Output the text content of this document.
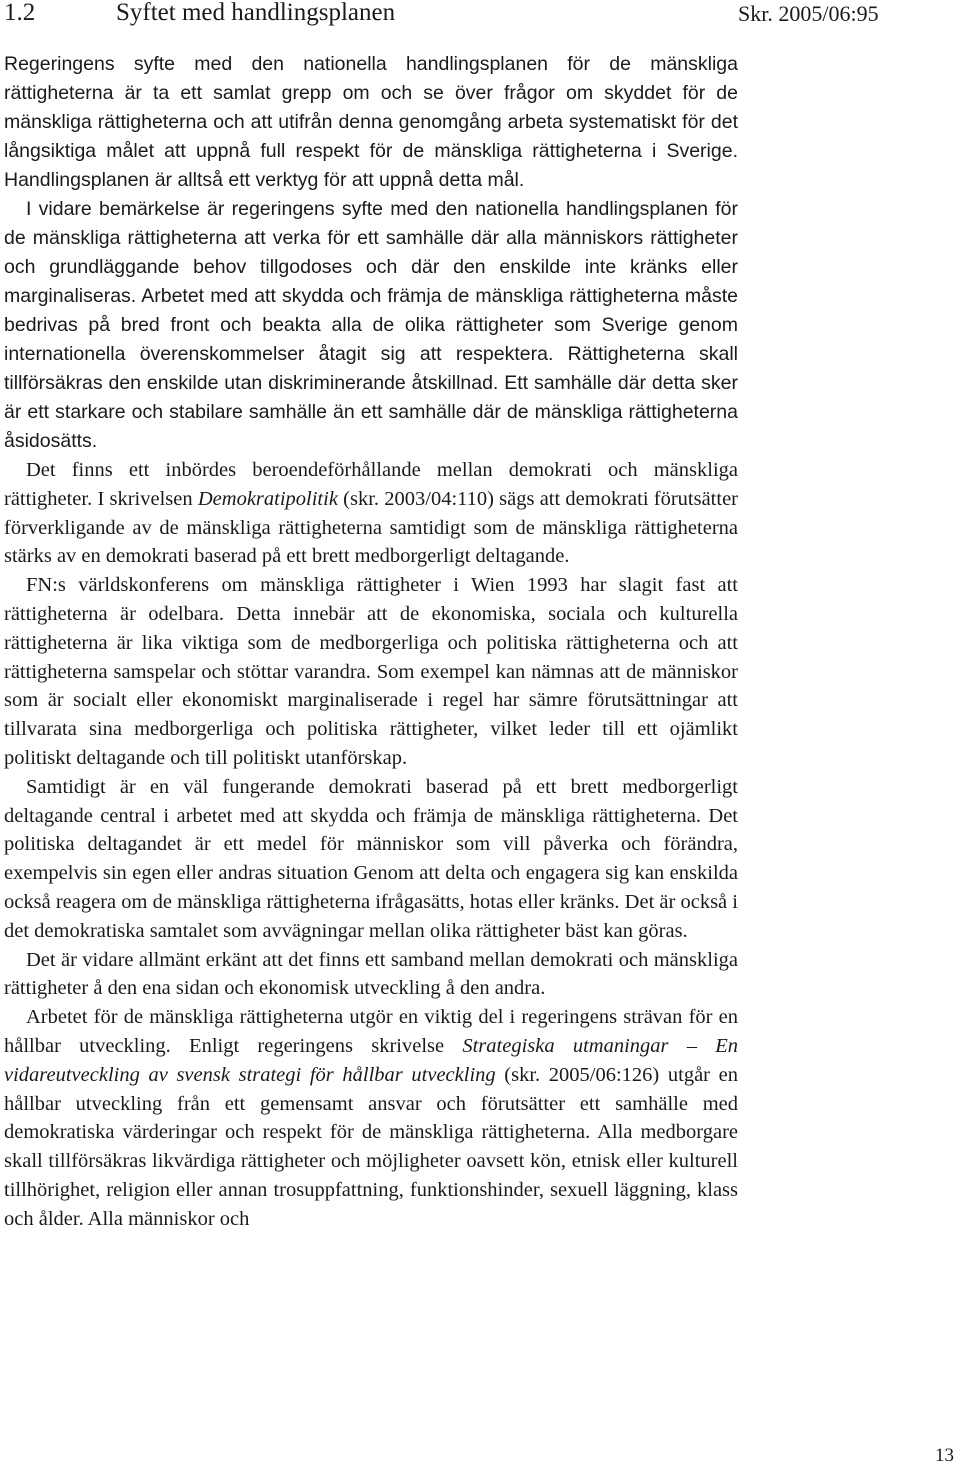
1.2	Syftet med handlingsplanen	Skr. 2005/06:95

Regeringens syfte med den nationella handlingsplanen för de mänskliga rättigheterna är ta ett samlat grepp om och se över frågor om skyddet för de mänskliga rättigheterna och att utifrån denna genomgång arbeta systematiskt för det långsiktiga målet att uppnå full respekt för de mänskliga rättigheterna i Sverige. Handlingsplanen är alltså ett verktyg för att uppnå detta mål.

I vidare bemärkelse är regeringens syfte med den nationella handlingsplanen för de mänskliga rättigheterna att verka för ett samhälle där alla människors rättigheter och grundläggande behov tillgodoses och där den enskilde inte kränks eller marginaliseras. Arbetet med att skydda och främja de mänskliga rättigheterna måste bedrivas på bred front och beakta alla de olika rättigheter som Sverige genom internationella överenskommelser åtagit sig att respektera. Rättigheterna skall tillförsäkras den enskilde utan diskriminerande åtskillnad. Ett samhälle där detta sker är ett starkare och stabilare samhälle än ett samhälle där de mänskliga rättigheterna åsidosätts.

Det finns ett inbördes beroendeförhållande mellan demokrati och mänskliga rättigheter. I skrivelsen Demokratipolitik (skr. 2003/04:110) sägs att demokrati förutsätter förverkligande av de mänskliga rättigheterna samtidigt som de mänskliga rättigheterna stärks av en demokrati baserad på ett brett medborgerligt deltagande.

FN:s världskonferens om mänskliga rättigheter i Wien 1993 har slagit fast att rättigheterna är odelbara. Detta innebär att de ekonomiska, sociala och kulturella rättigheterna är lika viktiga som de medborgerliga och politiska rättigheterna och att rättigheterna samspelar och stöttar varandra. Som exempel kan nämnas att de människor som är socialt eller ekonomiskt marginaliserade i regel har sämre förutsättningar att tillvarata sina medborgerliga och politiska rättigheter, vilket leder till ett ojämlikt politiskt deltagande och till politiskt utanförskap.

Samtidigt är en väl fungerande demokrati baserad på ett brett medborgerligt deltagande central i arbetet med att skydda och främja de mänskliga rättigheterna. Det politiska deltagandet är ett medel för människor som vill påverka och förändra, exempelvis sin egen eller andras situation Genom att delta och engagera sig kan enskilda också reagera om de mänskliga rättigheterna ifrågasätts, hotas eller kränks. Det är också i det demokratiska samtalet som avvägningar mellan olika rättigheter bäst kan göras.

Det är vidare allmänt erkänt att det finns ett samband mellan demokrati och mänskliga rättigheter å den ena sidan och ekonomisk utveckling å den andra.

Arbetet för de mänskliga rättigheterna utgör en viktig del i regeringens strävan för en hållbar utveckling. Enligt regeringens skrivelse Strategiska utmaningar – En vidareutveckling av svensk strategi för hållbar utveckling (skr. 2005/06:126) utgår en hållbar utveckling från ett gemensamt ansvar och förutsätter ett samhälle med demokratiska värderingar och respekt för de mänskliga rättigheterna. Alla medborgare skall tillförsäkras likvärdiga rättigheter och möjligheter oavsett kön, etnisk eller kulturell tillhörighet, religion eller annan trosuppfattning, funktionshinder, sexuell läggning, klass och ålder. Alla människor och

13
